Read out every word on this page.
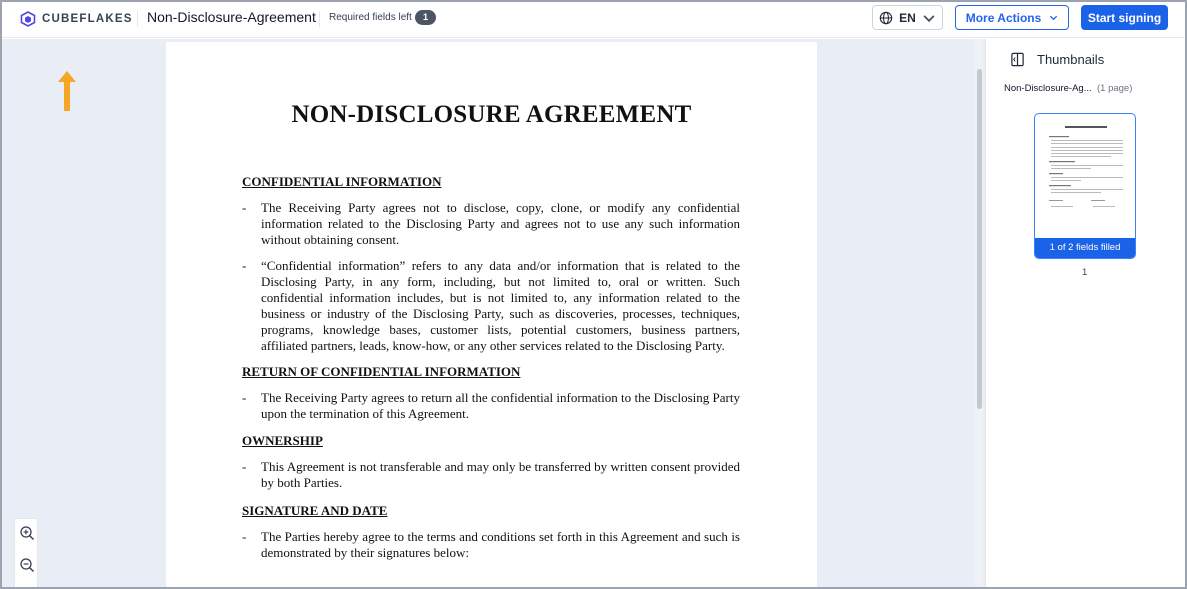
CUBEFLAKES Non-Disclosure-Agreement Required fields left	1	EN	More Actions	Start signing
NON-DISCLOSURE AGREEMENT
CONFIDENTIAL INFORMATION
- The Receiving Party agrees not to disclose, copy, clone, or modify any confidential information related to the Disclosing Party and agrees not to use any such information without obtaining consent.
- “Confidential information” refers to any data and/or information that is related to the Disclosing Party, in any form, including, but not limited to, oral or written. Such confidential information includes, but is not limited to, any information related to the business or industry of the Disclosing Party, such as discoveries, processes, techniques, programs, knowledge bases, customer lists, potential customers, business partners, affiliated partners, leads, know-how, or any other services related to the Disclosing Party.
RETURN OF CONFIDENTIAL INFORMATION
- The Receiving Party agrees to return all the confidential information to the Disclosing Party upon the termination of this Agreement.
OWNERSHIP
- This Agreement is not transferable and may only be transferred by written consent provided by both Parties.
SIGNATURE AND DATE
- The Parties hereby agree to the terms and conditions set forth in this Agreement and such is demonstrated by their signatures below:
Thumbnails
Non-Disclosure-Ag... (1 page)
1 of 2 fields filled
1
